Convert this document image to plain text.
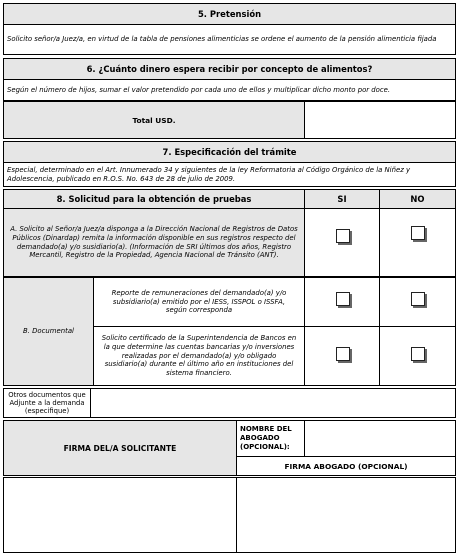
5. Pretensión
Solicito señor/a Juez/a, en virtud de la tabla de pensiones alimenticias se ordene el aumento de la pensión alimenticia fijada
6. ¿Cuánto dinero espera recibir por concepto de alimentos?
Según el número de hijos, sumar el valor pretendido por cada uno de ellos y multiplicar dicho monto por doce.
Total USD.
7. Especificación del trámite
Especial, determinado en el Art. Innumerado 34 y siguientes de la ley Reformatoria al Código Orgánico de la Niñez y Adolescencia, publicado en R.O.S. No. 643 de 28 de julio de 2009.
8. Solicitud para la obtención de pruebas	SI	NO
A. Solicito al Señor/a Juez/a disponga a la Dirección Nacional de Registros de Datos Públicos (Dinardap) remita la información disponible en sus registros respecto del demandado(a) y/o susidiario(a). (Información de SRI últimos dos años, Registro Mercantil, Registro de la Propiedad, Agencia Nacional de Tránsito (ANT).
B. Documental
Reporte de remuneraciones del demandado(a) y/o subsidiario(a) emitido por el IESS, ISSPOL o ISSFA, según corresponda
Solicito certificado de la Superintendencia de Bancos en la que determine las cuentas bancarias y/o inversiones realizadas por el demandado(a) y/o obligado susidiario(a) durante el último año en instituciones del sistema financiero.
Otros documentos que Adjunte a la demanda (especifique)
FIRMA DEL/A SOLICITANTE
NOMBRE DEL ABOGADO (OPCIONAL):
FIRMA ABOGADO (OPCIONAL)
